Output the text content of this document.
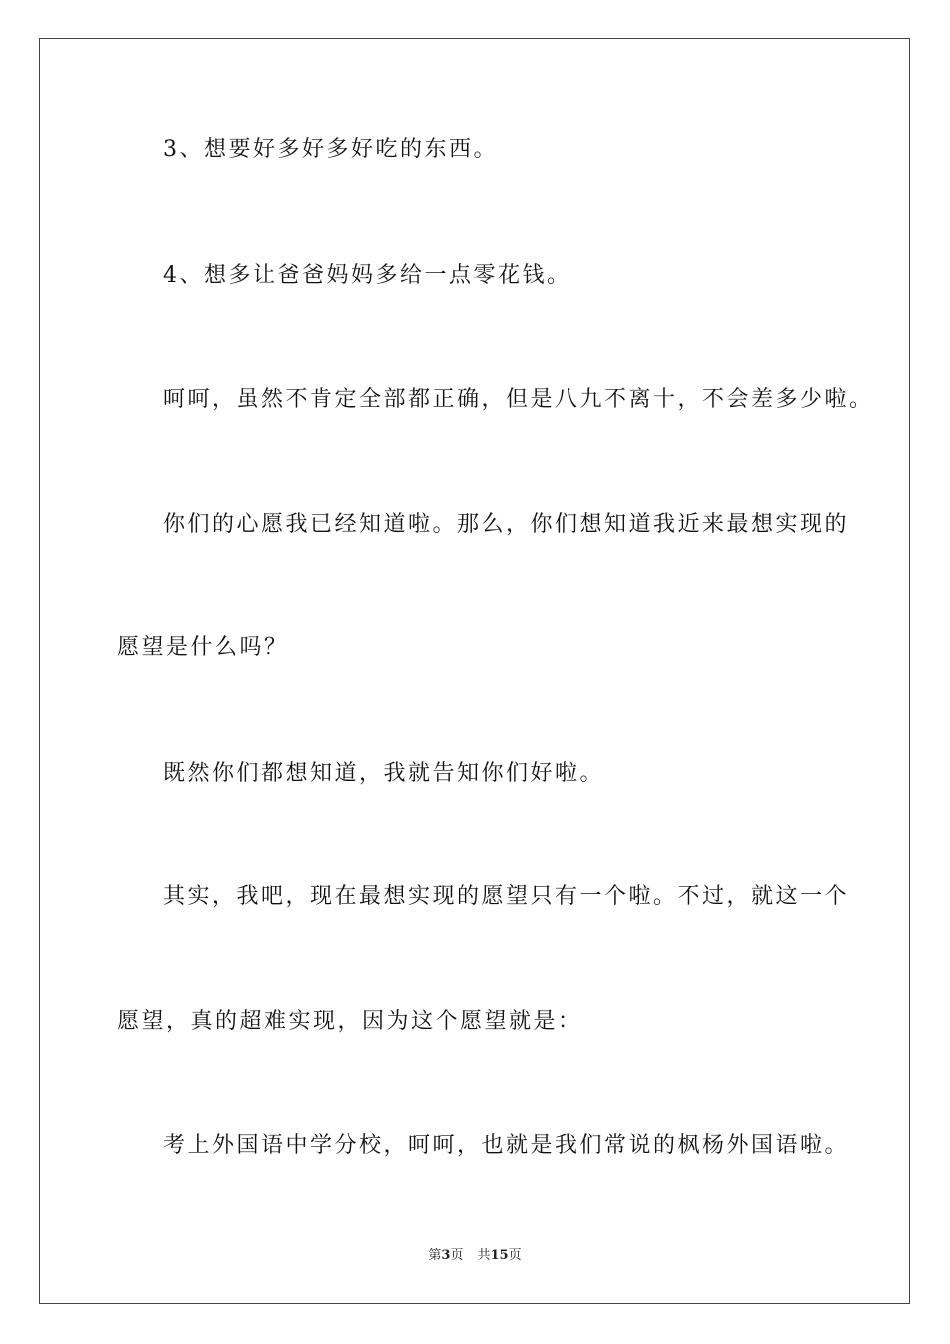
3、想要好多好多好吃的东西。
4、想多让爸爸妈妈多给一点零花钱。
呵呵，虽然不肯定全部都正确，但是八九不离十，不会差多少啦。
你们的心愿我已经知道啦。那么，你们想知道我近来最想实现的
愿望是什么吗？
既然你们都想知道，我就告知你们好啦。
其实，我吧，现在最想实现的愿望只有一个啦。不过，就这一个
愿望，真的超难实现，因为这个愿望就是：
考上外国语中学分校，呵呵，也就是我们常说的枫杨外国语啦。
第3页 共15页
